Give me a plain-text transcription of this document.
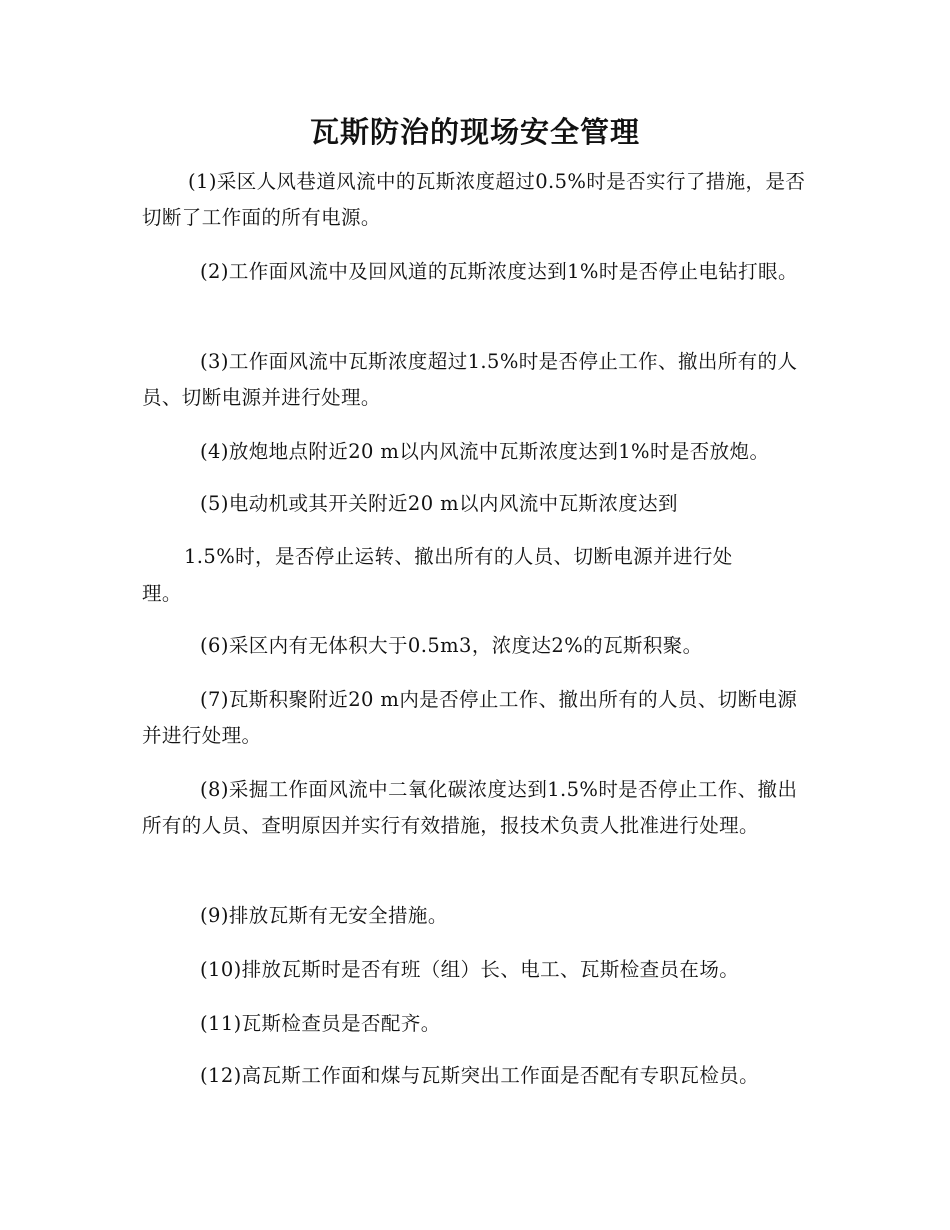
瓦斯防治的现场安全管理

(1)采区人风巷道风流中的瓦斯浓度超过0.5%时是否实行了措施，是否切断了工作面的所有电源。

(2)工作面风流中及回风道的瓦斯浓度达到1%时是否停止电钻打眼。

(3)工作面风流中瓦斯浓度超过1.5%时是否停止工作、撤出所有的人员、切断电源并进行处理。

(4)放炮地点附近20 m以内风流中瓦斯浓度达到1%时是否放炮。

(5)电动机或其开关附近20 m以内风流中瓦斯浓度达到

1.5%时，是否停止运转、撤出所有的人员、切断电源并进行处

理。

(6)采区内有无体积大于0.5m3，浓度达2%的瓦斯积聚。

(7)瓦斯积聚附近20 m内是否停止工作、撤出所有的人员、切断电源并进行处理。

(8)采掘工作面风流中二氧化碳浓度达到1.5%时是否停止工作、撤出所有的人员、查明原因并实行有效措施，报技术负责人批准进行处理。

(9)排放瓦斯有无安全措施。

(10)排放瓦斯时是否有班（组）长、电工、瓦斯检查员在场。

(11)瓦斯检查员是否配齐。

(12)高瓦斯工作面和煤与瓦斯突出工作面是否配有专职瓦检员。
